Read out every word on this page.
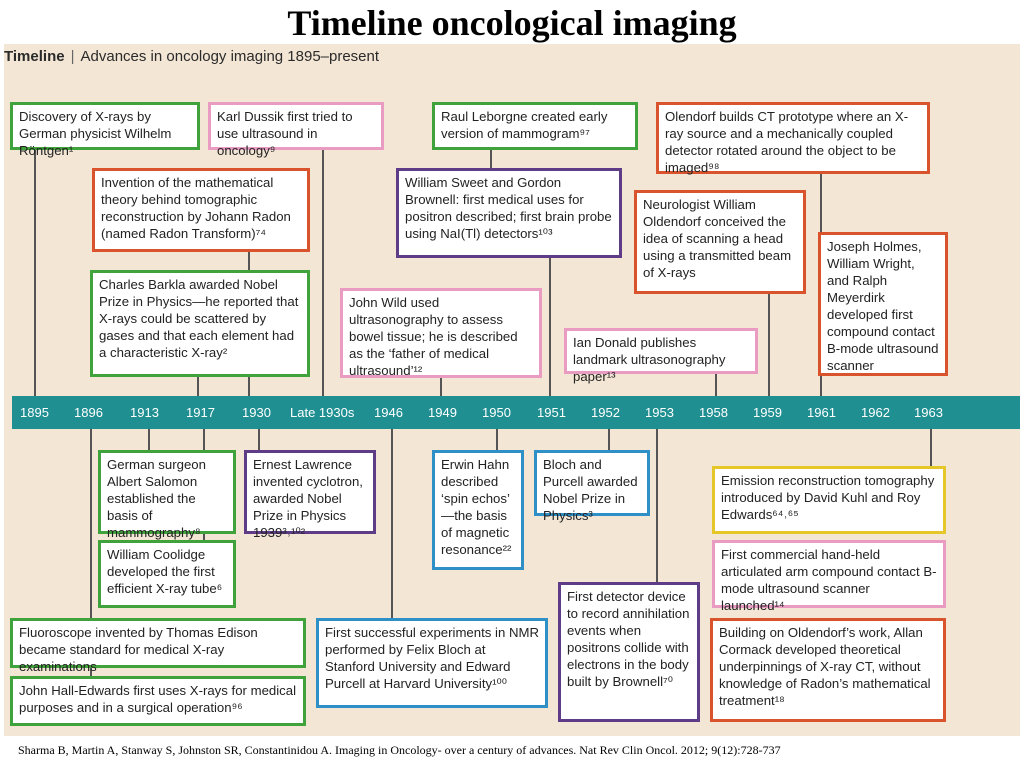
Timeline oncological imaging
Timeline | Advances in oncology imaging 1895–present
1895 1896 1913 1917 1930 Late 1930s 1946 1949 1950 1951 1952 1953 1958 1959 1961 1962 1963
Discovery of X-rays by German physicist Wilhelm Röntgen¹
Karl Dussik first tried to use ultrasound in oncology⁹
Raul Leborgne created early version of mammogram⁹⁷
Olendorf builds CT prototype where an X-ray source and a mechanically coupled detector rotated around the object to be imaged⁹⁸
Invention of the mathematical theory behind tomographic reconstruction by Johann Radon (named Radon Transform)⁷⁴
William Sweet and Gordon Brownell: first medical uses for positron described; first brain probe using NaI(Tl) detectors¹⁰³
Neurologist William Oldendorf conceived the idea of scanning a head using a transmitted beam of X-rays
Charles Barkla awarded Nobel Prize in Physics—he reported that X-rays could be scattered by gases and that each element had a characteristic X-ray²
John Wild used ultrasonography to assess bowel tissue; he is described as the ‘father of medical ultrasound’¹²
Joseph Holmes, William Wright, and Ralph Meyerdirk developed first compound contact B-mode ultrasound scanner
Ian Donald publishes landmark ultrasonography paper¹³
German surgeon Albert Salomon established the basis of mammography⁸
Ernest Lawrence invented cyclotron, awarded Nobel Prize in Physics 1939³˒¹⁰²
Erwin Hahn described ‘spin echos’ —the basis of magnetic resonance²²
Bloch and Purcell awarded Nobel Prize in Physics³
Emission reconstruction tomography introduced by David Kuhl and Roy Edwards⁶⁴˒⁶⁵
William Coolidge developed the first efficient X-ray tube⁶
First commercial hand-held articulated arm compound contact B-mode ultrasound scanner launched¹⁴
First detector device to record annihilation events when positrons collide with electrons in the body built by Brownell⁷⁰
Fluoroscope invented by Thomas Edison became standard for medical X-ray examinations
First successful experiments in NMR performed by Felix Bloch at Stanford University and Edward Purcell at Harvard University¹⁰⁰
Building on Oldendorf’s work, Allan Cormack developed theoretical underpinnings of X-ray CT, without knowledge of Radon’s mathematical treatment¹⁸
John Hall-Edwards first uses X-rays for medical purposes and in a surgical operation⁹⁶
Sharma B, Martin A, Stanway S, Johnston SR, Constantinidou A. Imaging in Oncology- over a century of advances. Nat Rev Clin Oncol. 2012; 9(12):728-737
